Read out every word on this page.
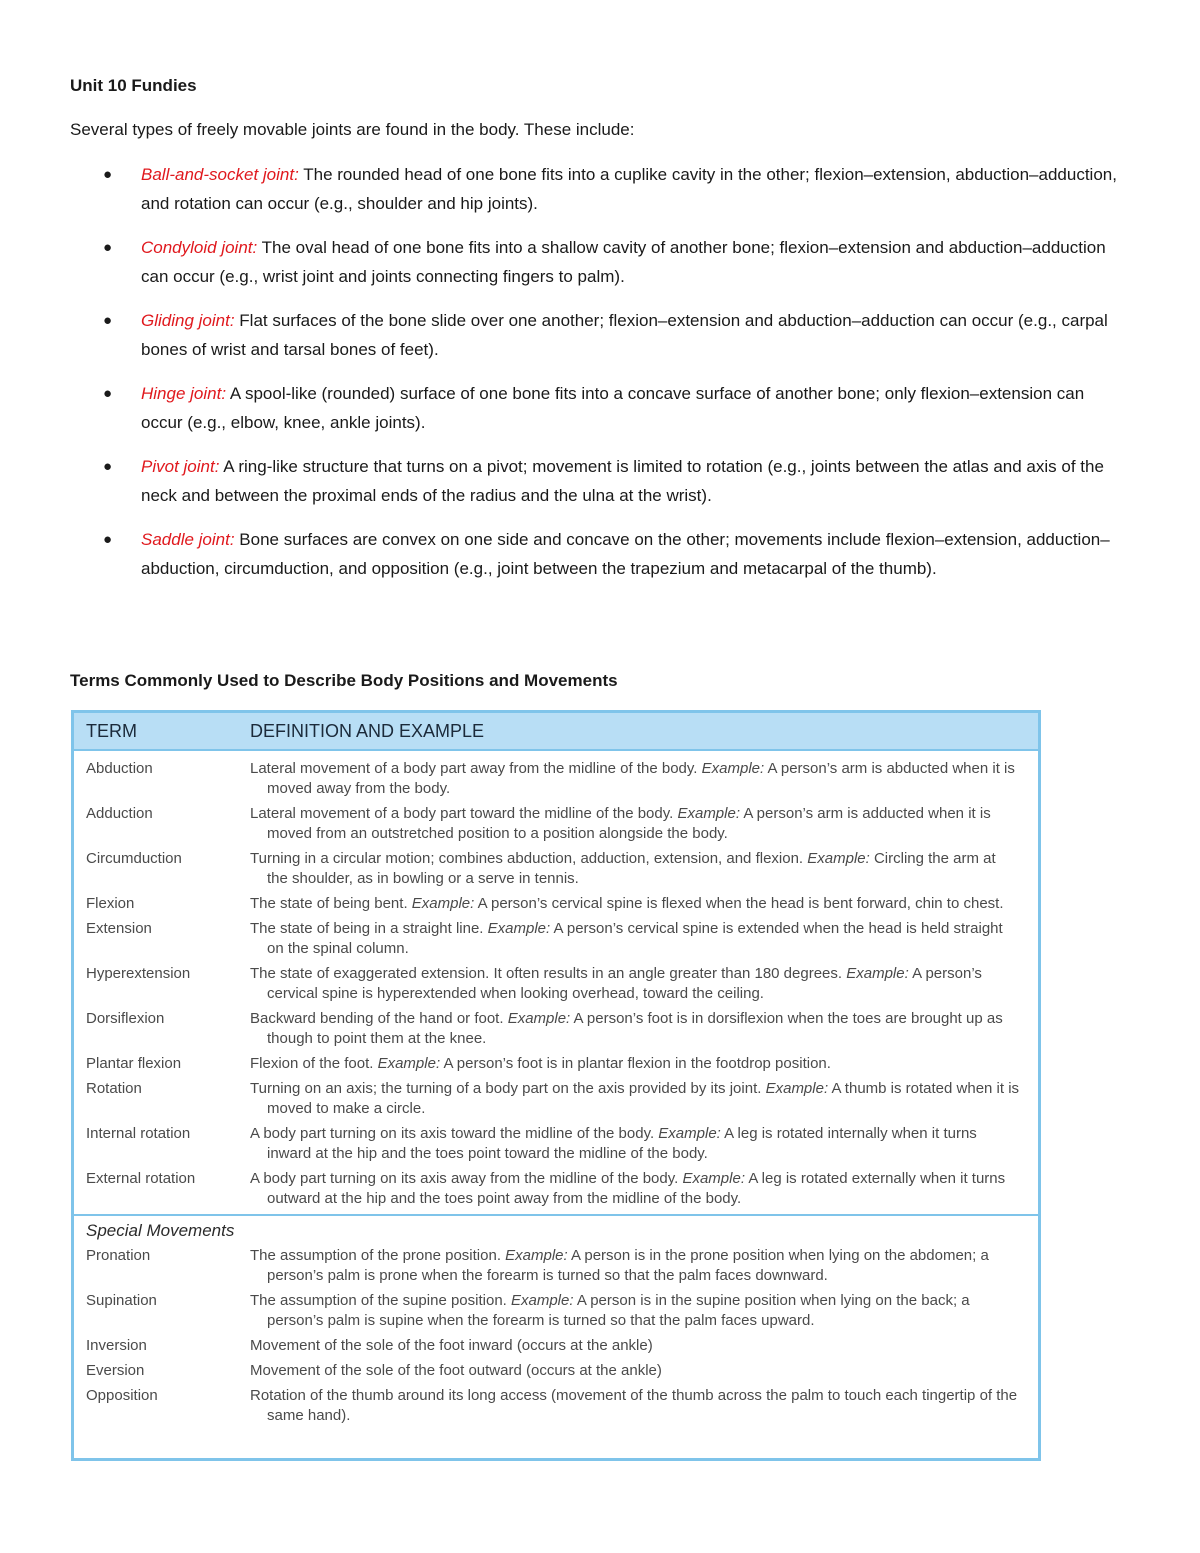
Unit 10 Fundies

Several types of freely movable joints are found in the body. These include:

● Ball-and-socket joint: The rounded head of one bone fits into a cuplike cavity in the other; flexion–extension, abduction–adduction, and rotation can occur (e.g., shoulder and hip joints).
● Condyloid joint: The oval head of one bone fits into a shallow cavity of another bone; flexion–extension and abduction–adduction can occur (e.g., wrist joint and joints connecting fingers to palm).
● Gliding joint: Flat surfaces of the bone slide over one another; flexion–extension and abduction–adduction can occur (e.g., carpal bones of wrist and tarsal bones of feet).
● Hinge joint: A spool-like (rounded) surface of one bone fits into a concave surface of another bone; only flexion–extension can occur (e.g., elbow, knee, ankle joints).
● Pivot joint: A ring-like structure that turns on a pivot; movement is limited to rotation (e.g., joints between the atlas and axis of the neck and between the proximal ends of the radius and the ulna at the wrist).
● Saddle joint: Bone surfaces are convex on one side and concave on the other; movements include flexion–extension, adduction–abduction, circumduction, and opposition (e.g., joint between the trapezium and metacarpal of the thumb).

Terms Commonly Used to Describe Body Positions and Movements

TERM	DEFINITION AND EXAMPLE
Abduction	Lateral movement of a body part away from the midline of the body. Example: A person’s arm is abducted when it is moved away from the body.
Adduction	Lateral movement of a body part toward the midline of the body. Example: A person’s arm is adducted when it is moved from an outstretched position to a position alongside the body.
Circumduction	Turning in a circular motion; combines abduction, adduction, extension, and flexion. Example: Circling the arm at the shoulder, as in bowling or a serve in tennis.
Flexion	The state of being bent. Example: A person’s cervical spine is flexed when the head is bent forward, chin to chest.
Extension	The state of being in a straight line. Example: A person’s cervical spine is extended when the head is held straight on the spinal column.
Hyperextension	The state of exaggerated extension. It often results in an angle greater than 180 degrees. Example: A person’s cervical spine is hyperextended when looking overhead, toward the ceiling.
Dorsiflexion	Backward bending of the hand or foot. Example: A person’s foot is in dorsiflexion when the toes are brought up as though to point them at the knee.
Plantar flexion	Flexion of the foot. Example: A person’s foot is in plantar flexion in the footdrop position.
Rotation	Turning on an axis; the turning of a body part on the axis provided by its joint. Example: A thumb is rotated when it is moved to make a circle.
Internal rotation	A body part turning on its axis toward the midline of the body. Example: A leg is rotated internally when it turns inward at the hip and the toes point toward the midline of the body.
External rotation	A body part turning on its axis away from the midline of the body. Example: A leg is rotated externally when it turns outward at the hip and the toes point away from the midline of the body.
Special Movements
Pronation	The assumption of the prone position. Example: A person is in the prone position when lying on the abdomen; a person’s palm is prone when the forearm is turned so that the palm faces downward.
Supination	The assumption of the supine position. Example: A person is in the supine position when lying on the back; a person’s palm is supine when the forearm is turned so that the palm faces upward.
Inversion	Movement of the sole of the foot inward (occurs at the ankle)
Eversion	Movement of the sole of the foot outward (occurs at the ankle)
Opposition	Rotation of the thumb around its long access (movement of the thumb across the palm to touch each tingertip of the same hand).
